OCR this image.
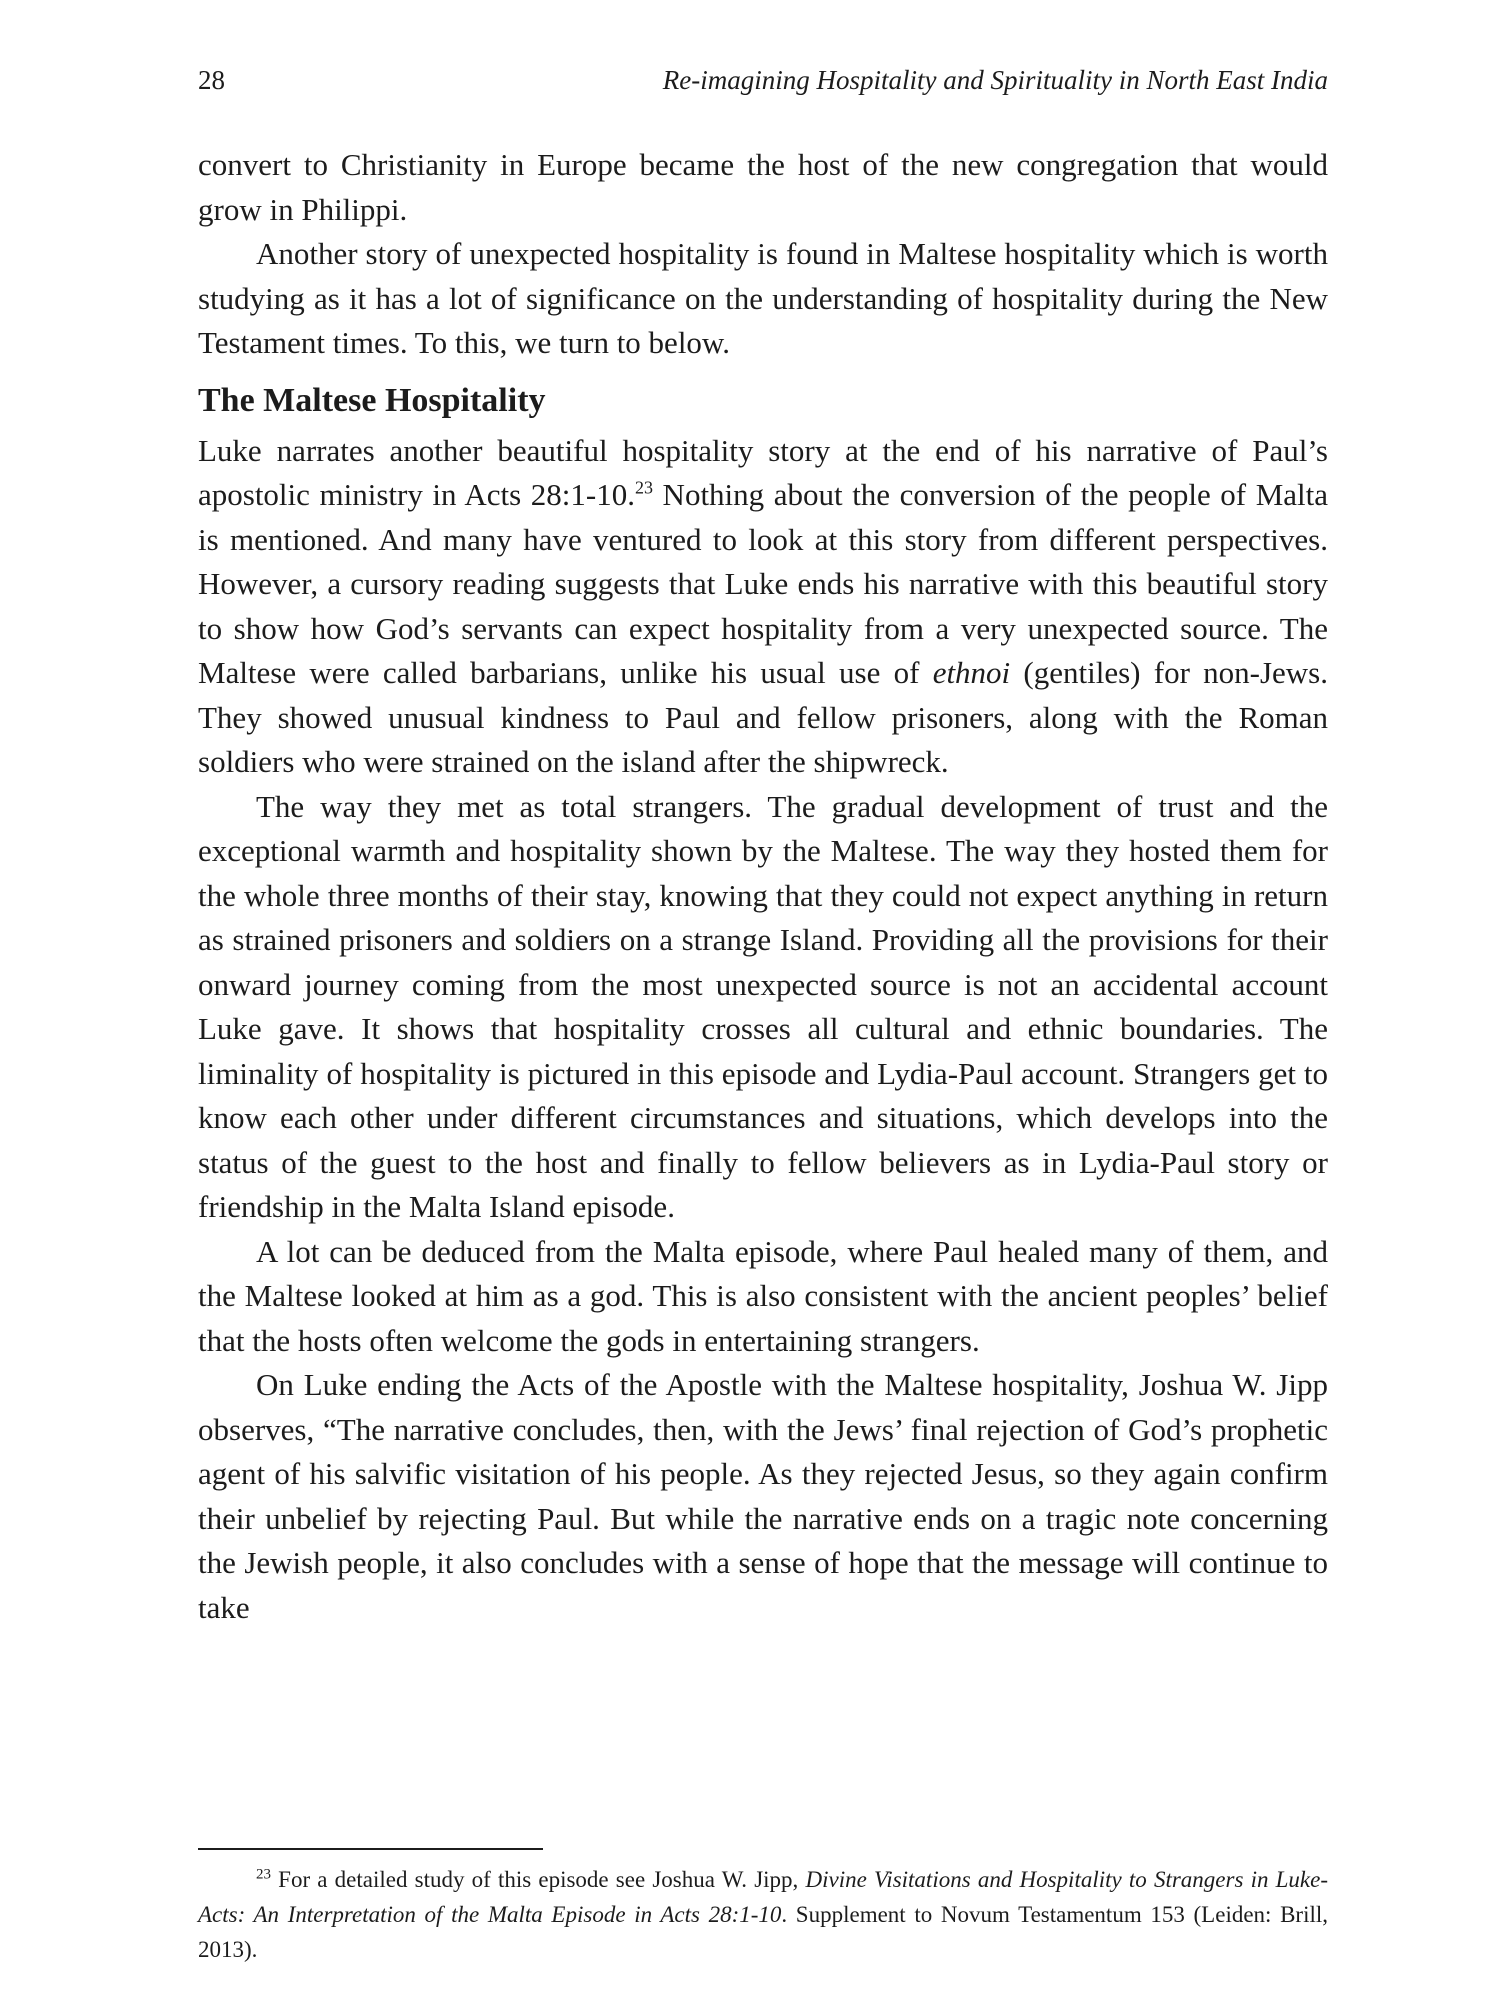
28	Re-imagining Hospitality and Spirituality in North East India

convert to Christianity in Europe became the host of the new congregation that would grow in Philippi.

Another story of unexpected hospitality is found in Maltese hospitality which is worth studying as it has a lot of significance on the understanding of hospitality during the New Testament times. To this, we turn to below.

The Maltese Hospitality

Luke narrates another beautiful hospitality story at the end of his narrative of Paul’s apostolic ministry in Acts 28:1-10.23 Nothing about the conversion of the people of Malta is mentioned. And many have ventured to look at this story from different perspectives. However, a cursory reading suggests that Luke ends his narrative with this beautiful story to show how God’s servants can expect hospitality from a very unexpected source. The Maltese were called barbarians, unlike his usual use of ethnoi (gentiles) for non-Jews. They showed unusual kindness to Paul and fellow prisoners, along with the Roman soldiers who were strained on the island after the shipwreck.

The way they met as total strangers. The gradual development of trust and the exceptional warmth and hospitality shown by the Maltese. The way they hosted them for the whole three months of their stay, knowing that they could not expect anything in return as strained prisoners and soldiers on a strange Island. Providing all the provisions for their onward journey coming from the most unexpected source is not an accidental account Luke gave. It shows that hospitality crosses all cultural and ethnic boundaries. The liminality of hospitality is pictured in this episode and Lydia-Paul account. Strangers get to know each other under different circumstances and situations, which develops into the status of the guest to the host and finally to fellow believers as in Lydia-Paul story or friendship in the Malta Island episode.

A lot can be deduced from the Malta episode, where Paul healed many of them, and the Maltese looked at him as a god. This is also consistent with the ancient peoples’ belief that the hosts often welcome the gods in entertaining strangers.

On Luke ending the Acts of the Apostle with the Maltese hospitality, Joshua W. Jipp observes, “The narrative concludes, then, with the Jews’ final rejection of God’s prophetic agent of his salvific visitation of his people. As they rejected Jesus, so they again confirm their unbelief by rejecting Paul. But while the narrative ends on a tragic note concerning the Jewish people, it also concludes with a sense of hope that the message will continue to take

$^{23}$ For a detailed study of this episode see Joshua W. Jipp, Divine Visitations and Hospitality to Strangers in Luke-Acts: An Interpretation of the Malta Episode in Acts 28:1-10. Supplement to Novum Testamentum 153 (Leiden: Brill, 2013).
